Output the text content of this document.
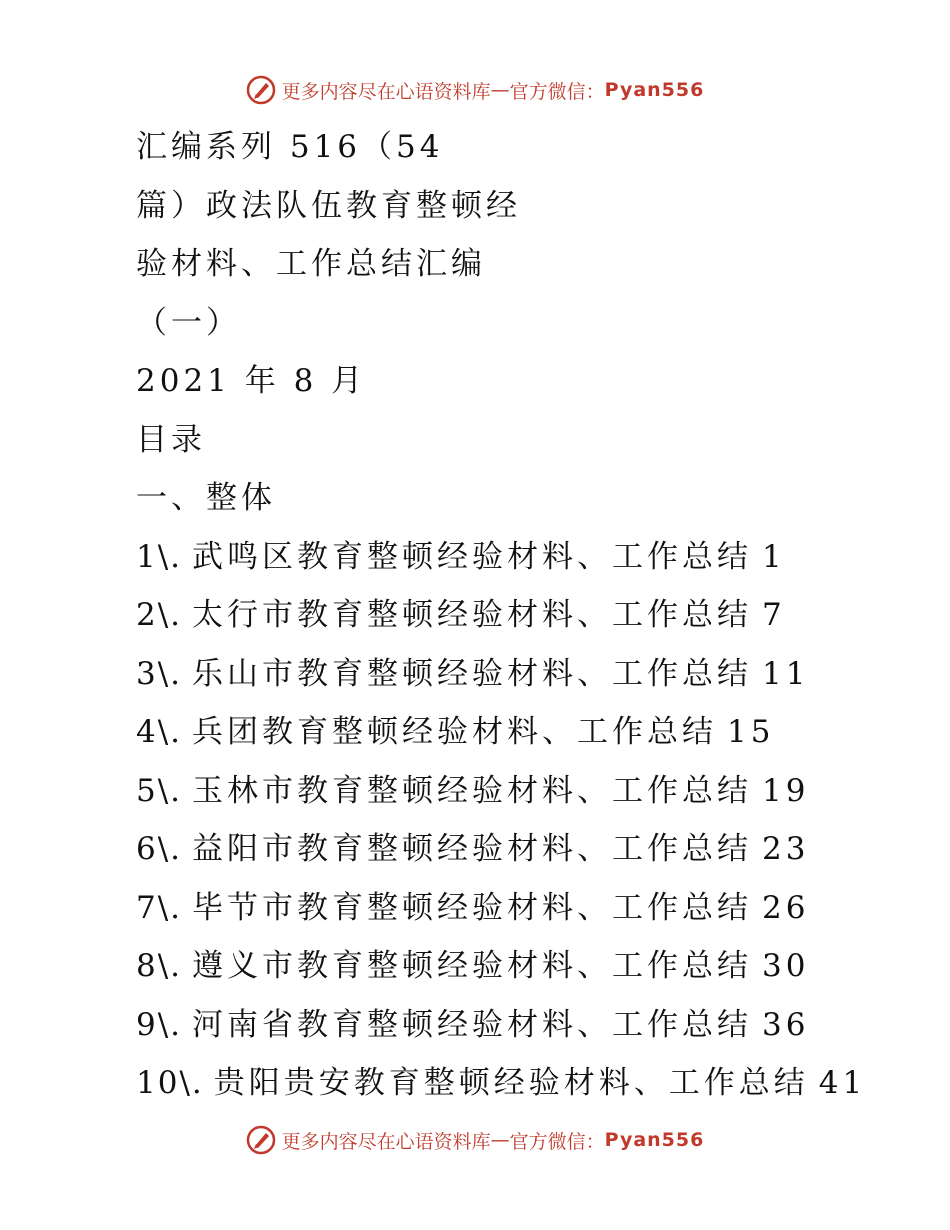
更多内容尽在心语资料库 — 官方微信： Pyan556
汇编系列 516（54
篇）政法队伍教育整顿经
验材料、工作总结汇编
（一）
2021 年 8 月
目录
一、整体
1\. 武鸣区教育整顿经验材料、工作总结 1
2\. 太行市教育整顿经验材料、工作总结 7
3\. 乐山市教育整顿经验材料、工作总结 11
4\. 兵团教育整顿经验材料、工作总结 15
5\. 玉林市教育整顿经验材料、工作总结 19
6\. 益阳市教育整顿经验材料、工作总结 23
7\. 毕节市教育整顿经验材料、工作总结 26
8\. 遵义市教育整顿经验材料、工作总结 30
9\. 河南省教育整顿经验材料、工作总结 36
10\. 贵阳贵安教育整顿经验材料、工作总结 41
更多内容尽在心语资料库 — 官方微信： Pyan556
